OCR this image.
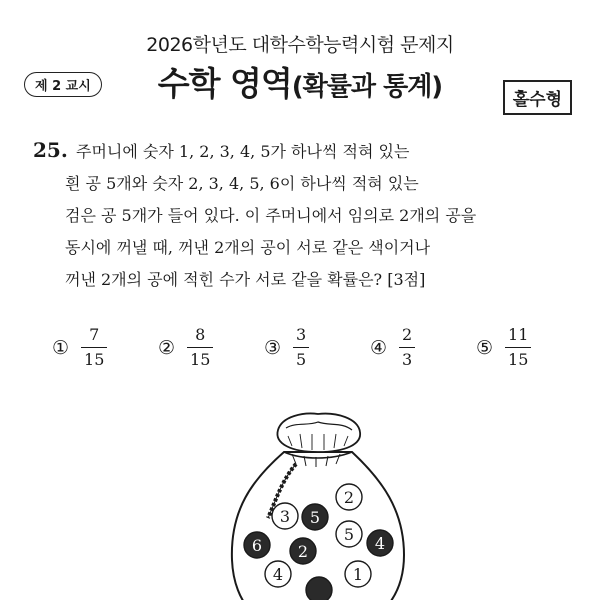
2026학년도 대학수학능력시험 문제지
제 2 교시	수학 영역(확률과 통계)	홀수형
25. 주머니에 숫자 1, 2, 3, 4, 5가 하나씩 적혀 있는
흰 공 5개와 숫자 2, 3, 4, 5, 6이 하나씩 적혀 있는
검은 공 5개가 들어 있다. 이 주머니에서 임의로 2개의 공을
동시에 꺼낼 때, 꺼낸 2개의 공이 서로 같은 색이거나
꺼낸 2개의 공에 적힌 수가 서로 같을 확률은? [3점]
① $\frac{7}{15}$	② $\frac{8}{15}$	③ $\frac{3}{5}$	④ $\frac{2}{3}$	⑤ $\frac{11}{15}$
3 5
2
5
6 2	4
4	1
